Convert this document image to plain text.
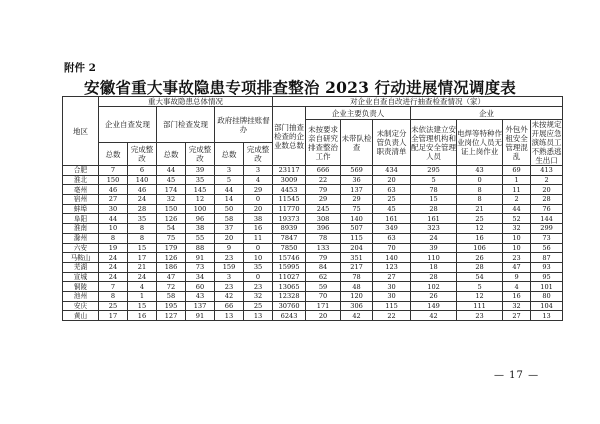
附件 2
安徽省重大事故隐患专项排查整治 2023 行动进展情况调度表
地区	重大事故隐患总体情况						对企业自查自改进行抽查检查情况（家）							
	企业自查发现		部门检查发现		政府挂牌挂账督办		部门抽查检查的企业数总数	企业主要负责人			企业			
								未按要求亲自研究排查整治工作	未带队检查	未制定分管负责人职责清单	未依法建立安全管理机构和配足安全管理人员	电焊等特种作业岗位人员无证上岗作业	外包外租安全管理混乱	未按规定开展应急演练员工不熟悉逃生出口
	总数	完成整改	总数	完成整改	总数	完成整改								
合肥	7	6	44	39	3	3	23117	666	569	434	295	43	69	413
淮北	150	140	45	35	5	4	3009	22	36	20	5	0	1	2
亳州	46	46	174	145	44	29	4453	79	137	63	78	8	11	20
宿州	27	24	32	12	14	0	11545	29	29	25	15	8	2	28
蚌埠	30	28	150	100	50	20	11770	245	75	45	28	21	44	76
阜阳	44	35	126	96	58	38	19373	308	140	161	161	25	52	144
淮南	10	8	54	38	37	16	8939	396	507	349	323	12	32	299
滁州	8	8	75	55	20	11	7847	78	115	63	24	16	10	73
六安	19	15	179	88	9	0	7850	133	204	70	39	106	10	56
马鞍山	24	17	126	91	23	10	15746	79	351	140	110	26	23	87
芜湖	24	21	186	73	159	35	15995	84	217	123	18	28	47	93
宣城	24	24	47	34	3	0	11027	62	78	27	28	54	9	95
铜陵	7	4	72	60	23	23	13065	59	48	30	102	5	4	101
池州	8	1	58	43	42	32	12328	70	120	30	26	12	16	80
安庆	25	15	195	137	66	25	30760	171	306	115	149	111	32	104
黄山	17	16	127	91	13	13	6243	20	42	22	42	23	27	13
— 17 —
